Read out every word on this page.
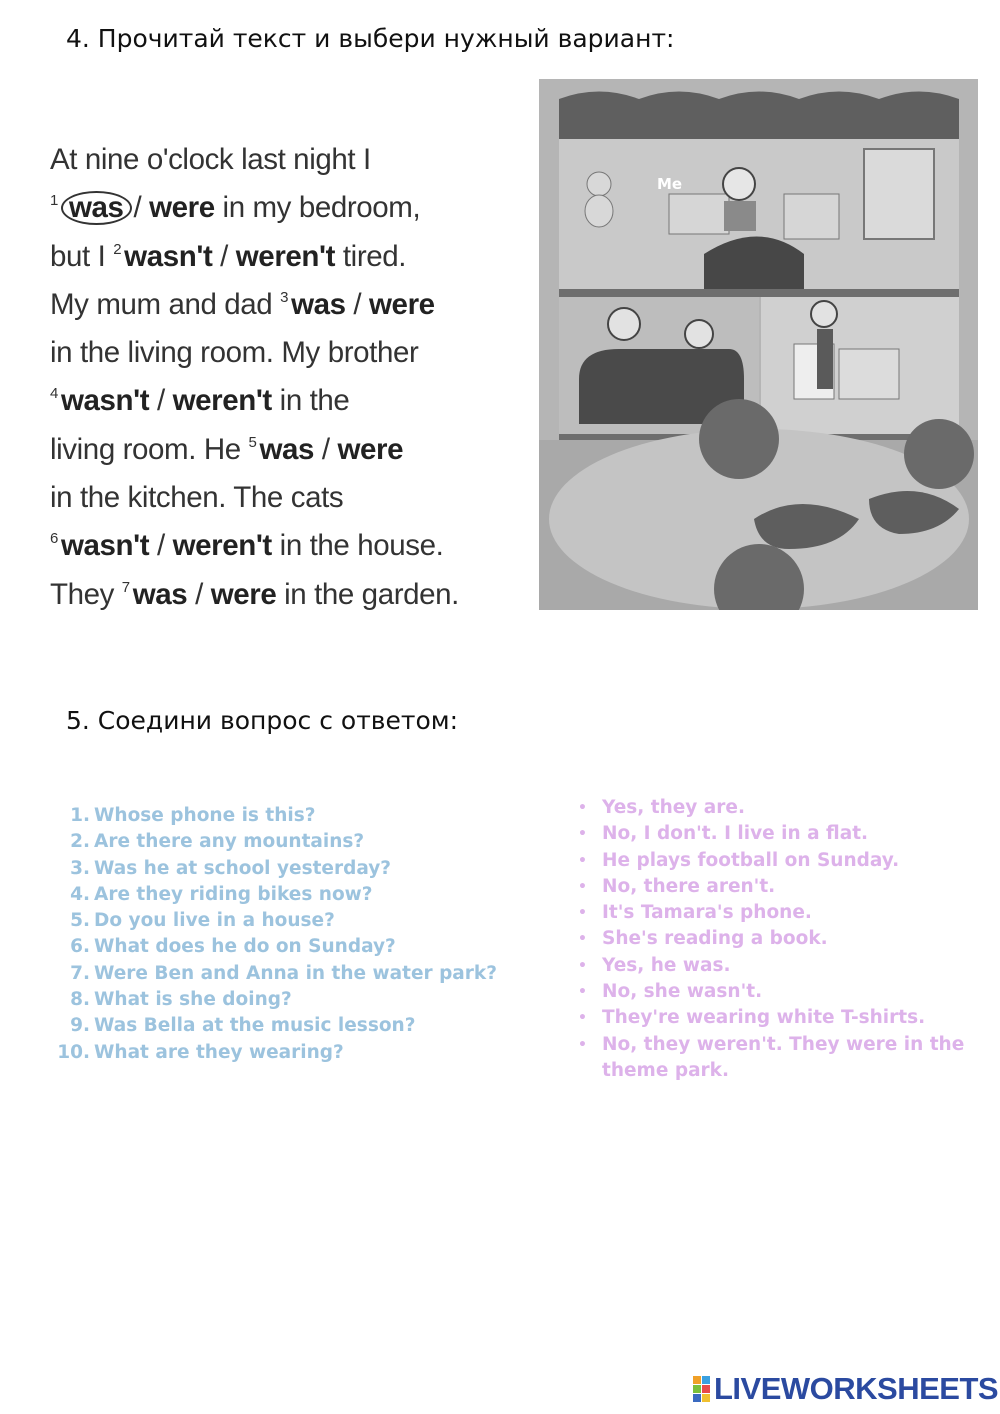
4. Прочитай текст и выбери нужный вариант:
At nine o'clock last night I
$^1$ was / were in my bedroom,
but I $^2$ wasn't / weren't tired.
My mum and dad $^3$ was / were
in the living room. My brother
$^4$ wasn't / weren't in the
living room. He $^5$ was / were
in the kitchen. The cats
$^6$ wasn't / weren't in the house.
They $^7$ was / were in the garden.
Me
5. Соедини вопрос с ответом:
1. Whose phone is this?
2. Are there any mountains?
3. Was he at school yesterday?
4. Are they riding bikes now?
5. Do you live in a house?
6. What does he do on Sunday?
7. Were Ben and Anna in the water park?
8. What is she doing?
9. Was Bella at the music lesson?
10. What are they wearing?
• Yes, they are.
• No, I don't. I live in a flat.
• He plays football on Sunday.
• No, there aren't.
• It's Tamara's phone.
• She's reading a book.
• Yes, he was.
• No, she wasn't.
• They're wearing white T-shirts.
• No, they weren't. They were in the theme park.
LIVEWORKSHEETS
